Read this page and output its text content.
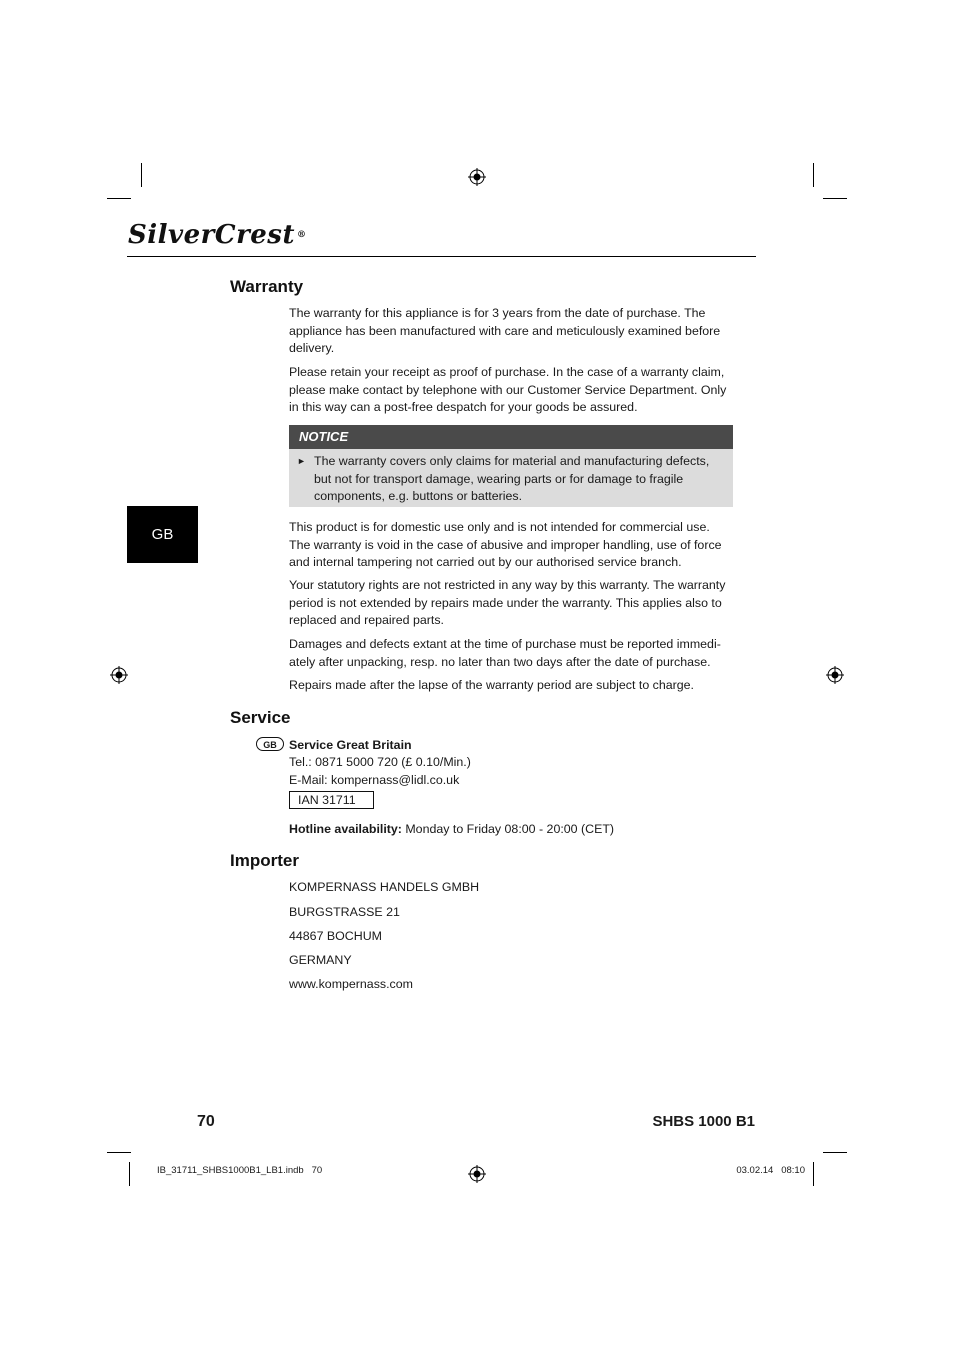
SilverCrest ®
GB
Warranty

The warranty for this appliance is for 3 years from the date of purchase. The appliance has been manufactured with care and meticulously examined before delivery.

Please retain your receipt as proof of purchase. In the case of a warranty claim, please make contact by telephone with our Customer Service Department. Only in this way can a post-free despatch for your goods be assured.

NOTICE
► The warranty covers only claims for material and manufacturing defects, but not for transport damage, wearing parts or for damage to fragile components, e.g. buttons or batteries.

This product is for domestic use only and is not intended for commercial use. The warranty is void in the case of abusive and improper handling, use of force and internal tampering not carried out by our authorised service branch.

Your statutory rights are not restricted in any way by this warranty. The warranty period is not extended by repairs made under the warranty. This applies also to replaced and repaired parts.

Damages and defects extant at the time of purchase must be reported immedi-ately after unpacking, resp. no later than two days after the date of purchase.

Repairs made after the lapse of the warranty period are subject to charge.

Service
GB Service Great Britain

Tel.: 0871 5000 720 (£ 0.10/Min.)

E-Mail: kompernass@lidl.co.uk

IAN 31711

Hotline availability: Monday to Friday 08:00 - 20:00 (CET)

Importer

KOMPERNASS HANDELS GMBH

BURGSTRASSE 21

44867 BOCHUM

GERMANY

www.kompernass.com

70	SHBS 1000 B1
IB_31711_SHBS1000B1_LB1.indb   70	03.02.14   08:10
